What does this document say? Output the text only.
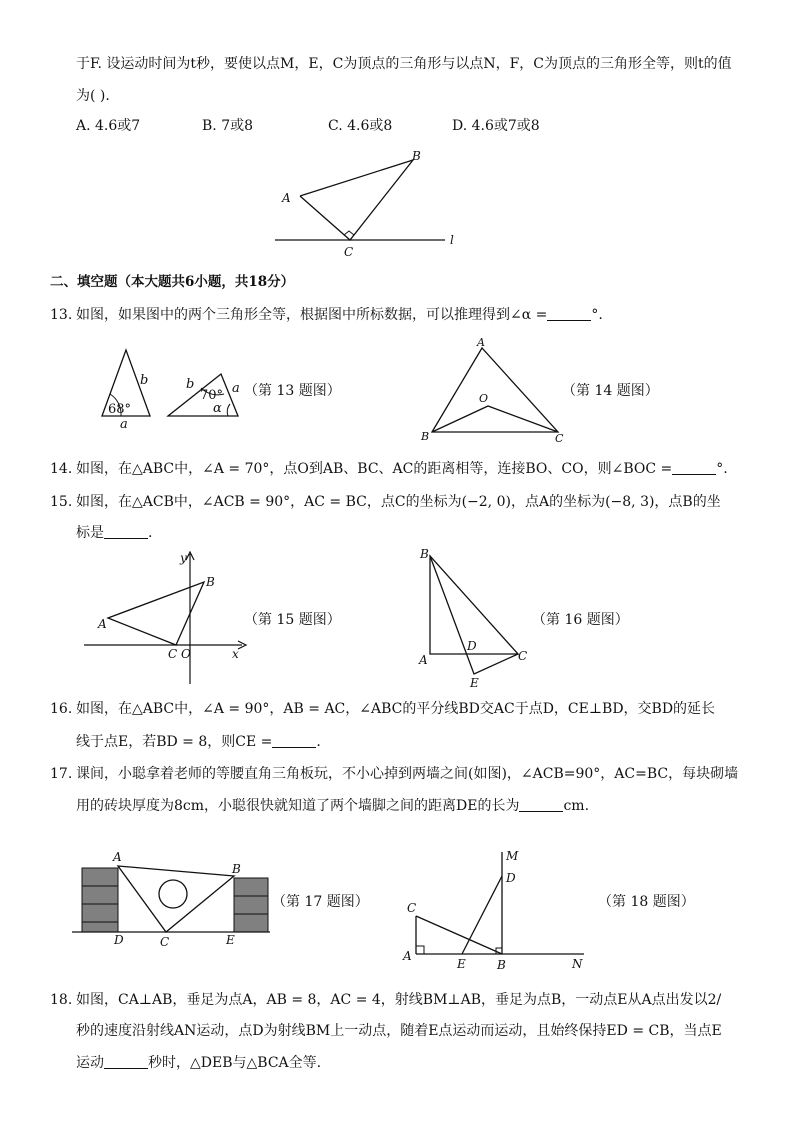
于F. 设运动时间为t秒，要使以点M，E，C为顶点的三角形与以点N，F，C为顶点的三角形全等，则t的值
为( ).
A. 4.6或7	B. 7或8	C. 4.6或8	D. 4.6或7或8
A
B
C
l
二、填空题（本大题共6小题，共18分）
13. 如图，如果图中的两个三角形全等，根据图中所标数据，可以推理得到∠α =	°.
b
68°
a
b
70° a
α
（第 13 题图）
A
B	C
O	（第 14 题图）
14. 如图，在△ABC中，∠A = 70°，点O到AB、BC、AC的距离相等，连接BO、CO，则∠BOC =	°.
15. 如图，在△ACB中，∠ACB = 90°，AC = BC，点C的坐标为(−2, 0)，点A的坐标为(−8, 3)，点B的坐
标是	.
y
x
A
B
C O
（第 15 题图）
B
A	C
D
E
（第 16 题图）
16. 如图，在△ABC中，∠A = 90°，AB = AC，∠ABC的平分线BD交AC于点D，CE⊥BD，交BD的延长
线于点E，若BD = 8，则CE =	.
17. 课间，小聪拿着老师的等腰直角三角板玩，不小心掉到两墙之间(如图)，∠ACB=90°，AC=BC，每块砌墙
用的砖块厚度为8cm，小聪很快就知道了两个墙脚之间的距离DE的长为	cm.
A
B
C
D	E
（第 17 题图）
M
D
C
A
E	B	N
（第 18 题图）
18. 如图，CA⊥AB，垂足为点A，AB = 8，AC = 4，射线BM⊥AB，垂足为点B，一动点E从A点出发以2/
秒的速度沿射线AN运动，点D为射线BM上一动点，随着E点运动而运动，且始终保持ED = CB，当点E
运动	秒时，△DEB与△BCA全等.
